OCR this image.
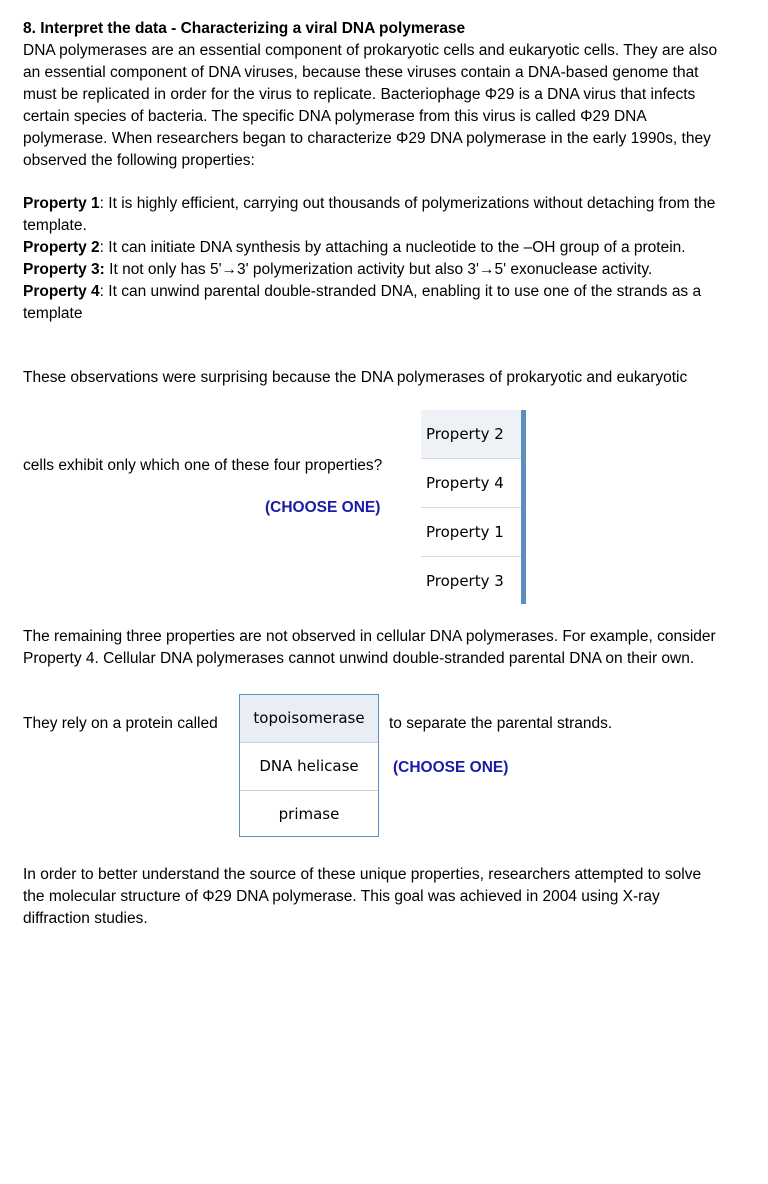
8. Interpret the data - Characterizing a viral DNA polymerase
DNA polymerases are an essential component of prokaryotic cells and eukaryotic cells. They are also
an essential component of DNA viruses, because these viruses contain a DNA-based genome that
must be replicated in order for the virus to replicate. Bacteriophage Φ29 is a DNA virus that infects
certain species of bacteria. The specific DNA polymerase from this virus is called Φ29 DNA
polymerase. When researchers began to characterize Φ29 DNA polymerase in the early 1990s, they
observed the following properties:
Property 1: It is highly efficient, carrying out thousands of polymerizations without detaching from the
template.
Property 2: It can initiate DNA synthesis by attaching a nucleotide to the –OH group of a protein.
Property 3: It not only has 5'→3' polymerization activity but also 3'→5' exonuclease activity.
Property 4: It can unwind parental double-stranded DNA, enabling it to use one of the strands as a
template
These observations were surprising because the DNA polymerases of prokaryotic and eukaryotic
cells exhibit only which one of these four properties?
(CHOOSE ONE)
Property 2
Property 4
Property 1
Property 3
The remaining three properties are not observed in cellular DNA polymerases. For example, consider
Property 4. Cellular DNA polymerases cannot unwind double-stranded parental DNA on their own.
They rely on a protein called	topoisomerase
DNA helicase
primase
to separate the parental strands.
(CHOOSE ONE)
In order to better understand the source of these unique properties, researchers attempted to solve
the molecular structure of Φ29 DNA polymerase. This goal was achieved in 2004 using X-ray
diffraction studies.
